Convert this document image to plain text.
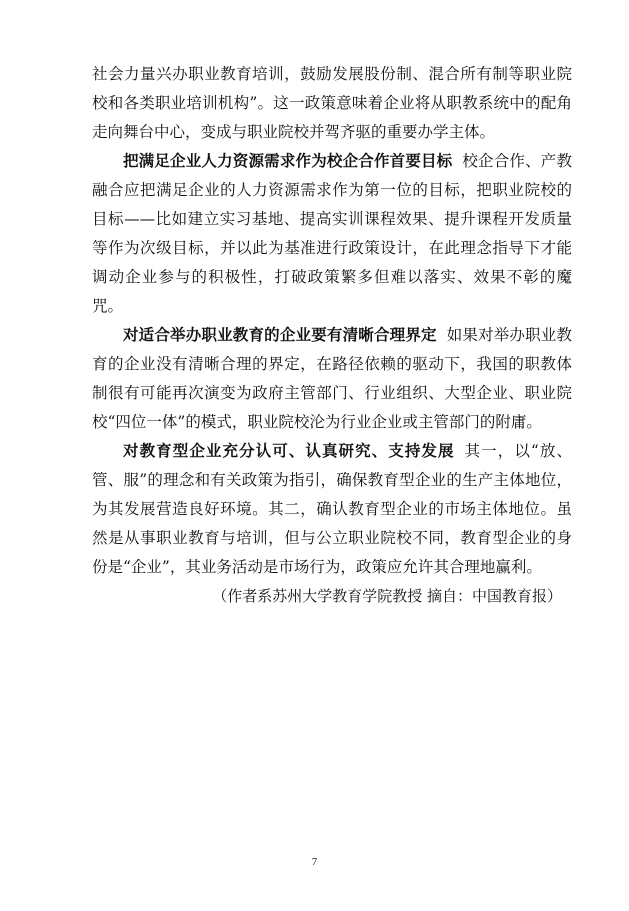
社会力量兴办职业教育培训，鼓励发展股份制、混合所有制等职业院校和各类职业培训机构”。这一政策意味着企业将从职教系统中的配角走向舞台中心，变成与职业院校并驾齐驱的重要办学主体。

把满足企业人力资源需求作为校企合作首要目标 校企合作、产教融合应把满足企业的人力资源需求作为第一位的目标，把职业院校的目标——比如建立实习基地、提高实训课程效果、提升课程开发质量等作为次级目标，并以此为基准进行政策设计，在此理念指导下才能调动企业参与的积极性，打破政策繁多但难以落实、效果不彰的魔咒。

对适合举办职业教育的企业要有清晰合理界定 如果对举办职业教育的企业没有清晰合理的界定，在路径依赖的驱动下，我国的职教体制很有可能再次演变为政府主管部门、行业组织、大型企业、职业院校“四位一体”的模式，职业院校沦为行业企业或主管部门的附庸。

对教育型企业充分认可、认真研究、支持发展 其一，以“放、管、服”的理念和有关政策为指引，确保教育型企业的生产主体地位，为其发展营造良好环境。其二，确认教育型企业的市场主体地位。虽然是从事职业教育与培训，但与公立职业院校不同，教育型企业的身份是“企业”，其业务活动是市场行为，政策应允许其合理地赢利。

（作者系苏州大学教育学院教授 摘自：中国教育报）

7
